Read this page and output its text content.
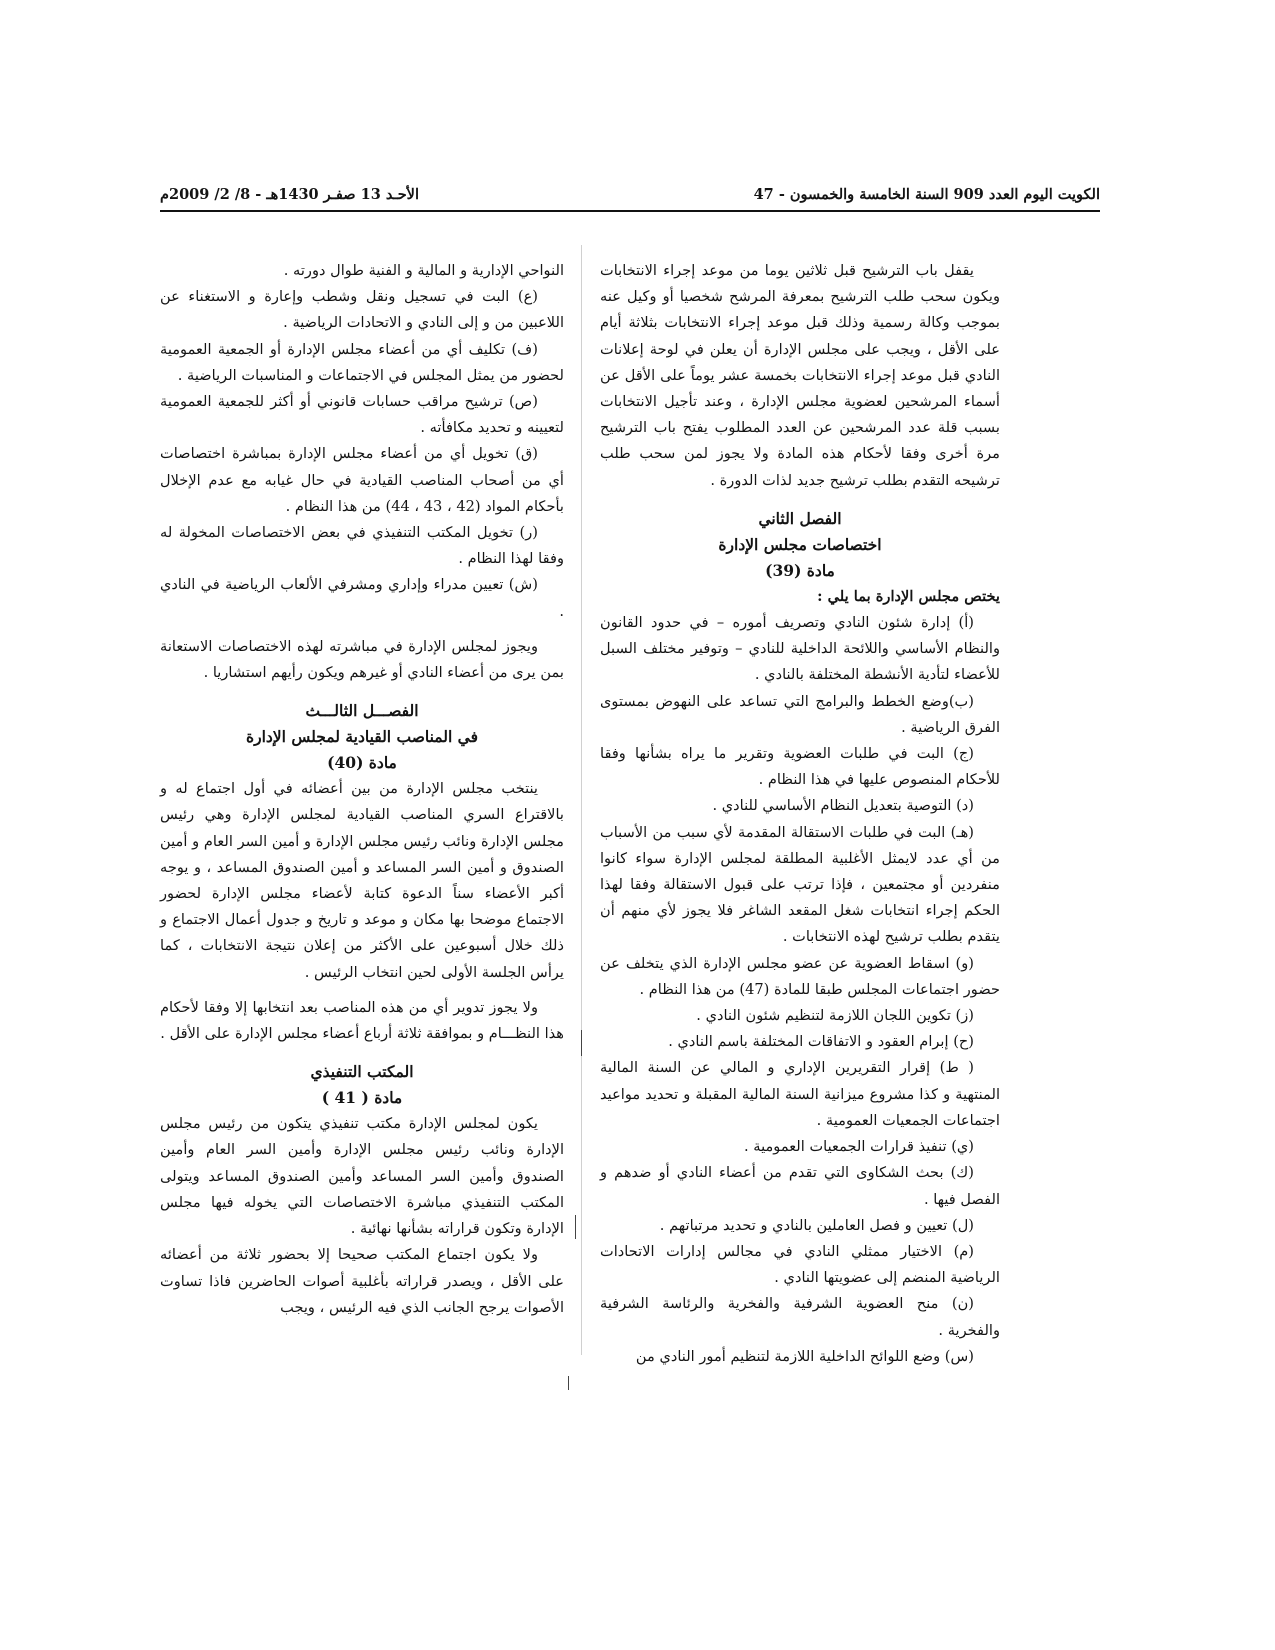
الكويت اليوم العدد 909 السنة الخامسة والخمسون - 47
الأحـد 13 صفـر 1430هـ - 8/ 2/ 2009م

يقفل باب الترشيح قبل ثلاثين يوما من موعد إجراء الانتخابات ويكون سحب طلب الترشيح بمعرفة المرشح شخصيا أو وكيل عنه بموجب وكالة رسمية وذلك قبل موعد إجراء الانتخابات بثلاثة أيام على الأقل ، ويجب على مجلس الإدارة أن يعلن في لوحة إعلانات النادي قبل موعد إجراء الانتخابات بخمسة عشر يوماً على الأقل عن أسماء المرشحين لعضوية مجلس الإدارة ، وعند تأجيل الانتخابات بسبب قلة عدد المرشحين عن العدد المطلوب يفتح باب الترشيح مرة أخرى وفقا لأحكام هذه المادة ولا يجوز لمن سحب طلب ترشيحه التقدم بطلب ترشيح جديد لذات الدورة .

الفصل الثاني
اختصاصات مجلس الإدارة
مادة (39)

يختص مجلس الإدارة بما يلي :

(أ) إدارة شئون النادي وتصريف أموره – في حدود القانون والنظام الأساسي واللائحة الداخلية للنادي – وتوفير مختلف السبل للأعضاء لتأدية الأنشطة المختلفة بالنادي .

(ب)وضع الخطط والبرامج التي تساعد على النهوض بمستوى الفرق الرياضية .

(ج) البت في طلبات العضوية وتقرير ما يراه بشأنها وفقا للأحكام المنصوص عليها في هذا النظام .

(د) التوصية بتعديل النظام الأساسي للنادي .

(هـ) البت في طلبات الاستقالة المقدمة لأي سبب من الأسباب من أي عدد لايمثل الأغلبية المطلقة لمجلس الإدارة سواء كانوا منفردين أو مجتمعين ، فإذا ترتب على قبول الاستقالة وفقا لهذا الحكم إجراء انتخابات شغل المقعد الشاغر فلا يجوز لأي منهم أن يتقدم بطلب ترشيح لهذه الانتخابات .

(و) اسقاط العضوية عن عضو مجلس الإدارة الذي يتخلف عن حضور اجتماعات المجلس طبقا للمادة (47) من هذا النظام .

(ز) تكوين اللجان اللازمة لتنظيم شئون النادي .

(ح) إبرام العقود و الاتفاقات المختلفة باسم النادي .

( ط) إقرار التقريرين الإداري و المالي عن السنة المالية المنتهية و كذا مشروع ميزانية السنة المالية المقبلة و تحديد مواعيد اجتماعات الجمعيات العمومية .

(ي) تنفيذ قرارات الجمعيات العمومية .

(ك) بحث الشكاوى التي تقدم من أعضاء النادي أو ضدهم و الفصل فيها .

(ل) تعيين و فصل العاملين بالنادي و تحديد مرتباتهم .

(م) الاختيار ممثلي النادي في مجالس إدارات الاتحادات الرياضية المنضم إلى عضويتها النادي .

(ن) منح العضوية الشرفية والفخرية والرئاسة الشرفية والفخرية .

(س) وضع اللوائح الداخلية اللازمة لتنظيم أمور النادي من

النواحي الإدارية و المالية و الفنية طوال دورته .

(ع) البت في تسجيل ونقل وشطب وإعارة و الاستغناء عن اللاعبين من و إلى النادي و الاتحادات الرياضية .

(ف) تكليف أي من أعضاء مجلس الإدارة أو الجمعية العمومية لحضور من يمثل المجلس في الاجتماعات و المناسبات الرياضية .

(ص) ترشيح مراقب حسابات قانوني أو أكثر للجمعية العمومية لتعيينه و تحديد مكافأته .

(ق) تخويل أي من أعضاء مجلس الإدارة بمباشرة اختصاصات أي من أصحاب المناصب القيادية في حال غيابه مع عدم الإخلال بأحكام المواد (42 ، 43 ، 44) من هذا النظام .

(ر) تخويل المكتب التنفيذي في بعض الاختصاصات المخولة له وفقا لهذا النظام .

(ش) تعيين مدراء وإداري ومشرفي الألعاب الرياضية في النادي .

ويجوز لمجلس الإدارة في مباشرته لهذه الاختصاصات الاستعانة بمن يرى من أعضاء النادي أو غيرهم ويكون رأيهم استشاريا .

الفصـــل الثالـــث
في المناصب القيادية لمجلس الإدارة
مادة (40)

ينتخب مجلس الإدارة من بين أعضائه في أول اجتماع له و بالاقتراع السري المناصب القيادية لمجلس الإدارة وهي رئيس مجلس الإدارة ونائب رئيس مجلس الإدارة و أمين السر العام و أمين الصندوق و أمين السر المساعد و أمين الصندوق المساعد ، و يوجه أكبر الأعضاء سناً الدعوة كتابة لأعضاء مجلس الإدارة لحضور الاجتماع موضحا بها مكان و موعد و تاريخ و جدول أعمال الاجتماع و ذلك خلال أسبوعين على الأكثر من إعلان نتيجة الانتخابات ، كما يرأس الجلسة الأولى لحين انتخاب الرئيس .

ولا يجوز تدوير أي من هذه المناصب بعد انتخابها إلا وفقا لأحكام هذا النظـــام و بموافقة ثلاثة أرباع أعضاء مجلس الإدارة على الأقل .

المكتب التنفيذي
مادة ( 41 )

يكون لمجلس الإدارة مكتب تنفيذي يتكون من رئيس مجلس الإدارة ونائب رئيس مجلس الإدارة وأمين السر العام وأمين الصندوق وأمين السر المساعد وأمين الصندوق المساعد ويتولى المكتب التنفيذي مباشرة الاختصاصات التي يخوله فيها مجلس الإدارة وتكون قراراته بشأنها نهائية .

ولا يكون اجتماع المكتب صحيحا إلا بحضور ثلاثة من أعضائه على الأقل ، ويصدر قراراته بأغلبية أصوات الحاضرين فاذا تساوت الأصوات يرجح الجانب الذي فيه الرئيس ، ويجب
